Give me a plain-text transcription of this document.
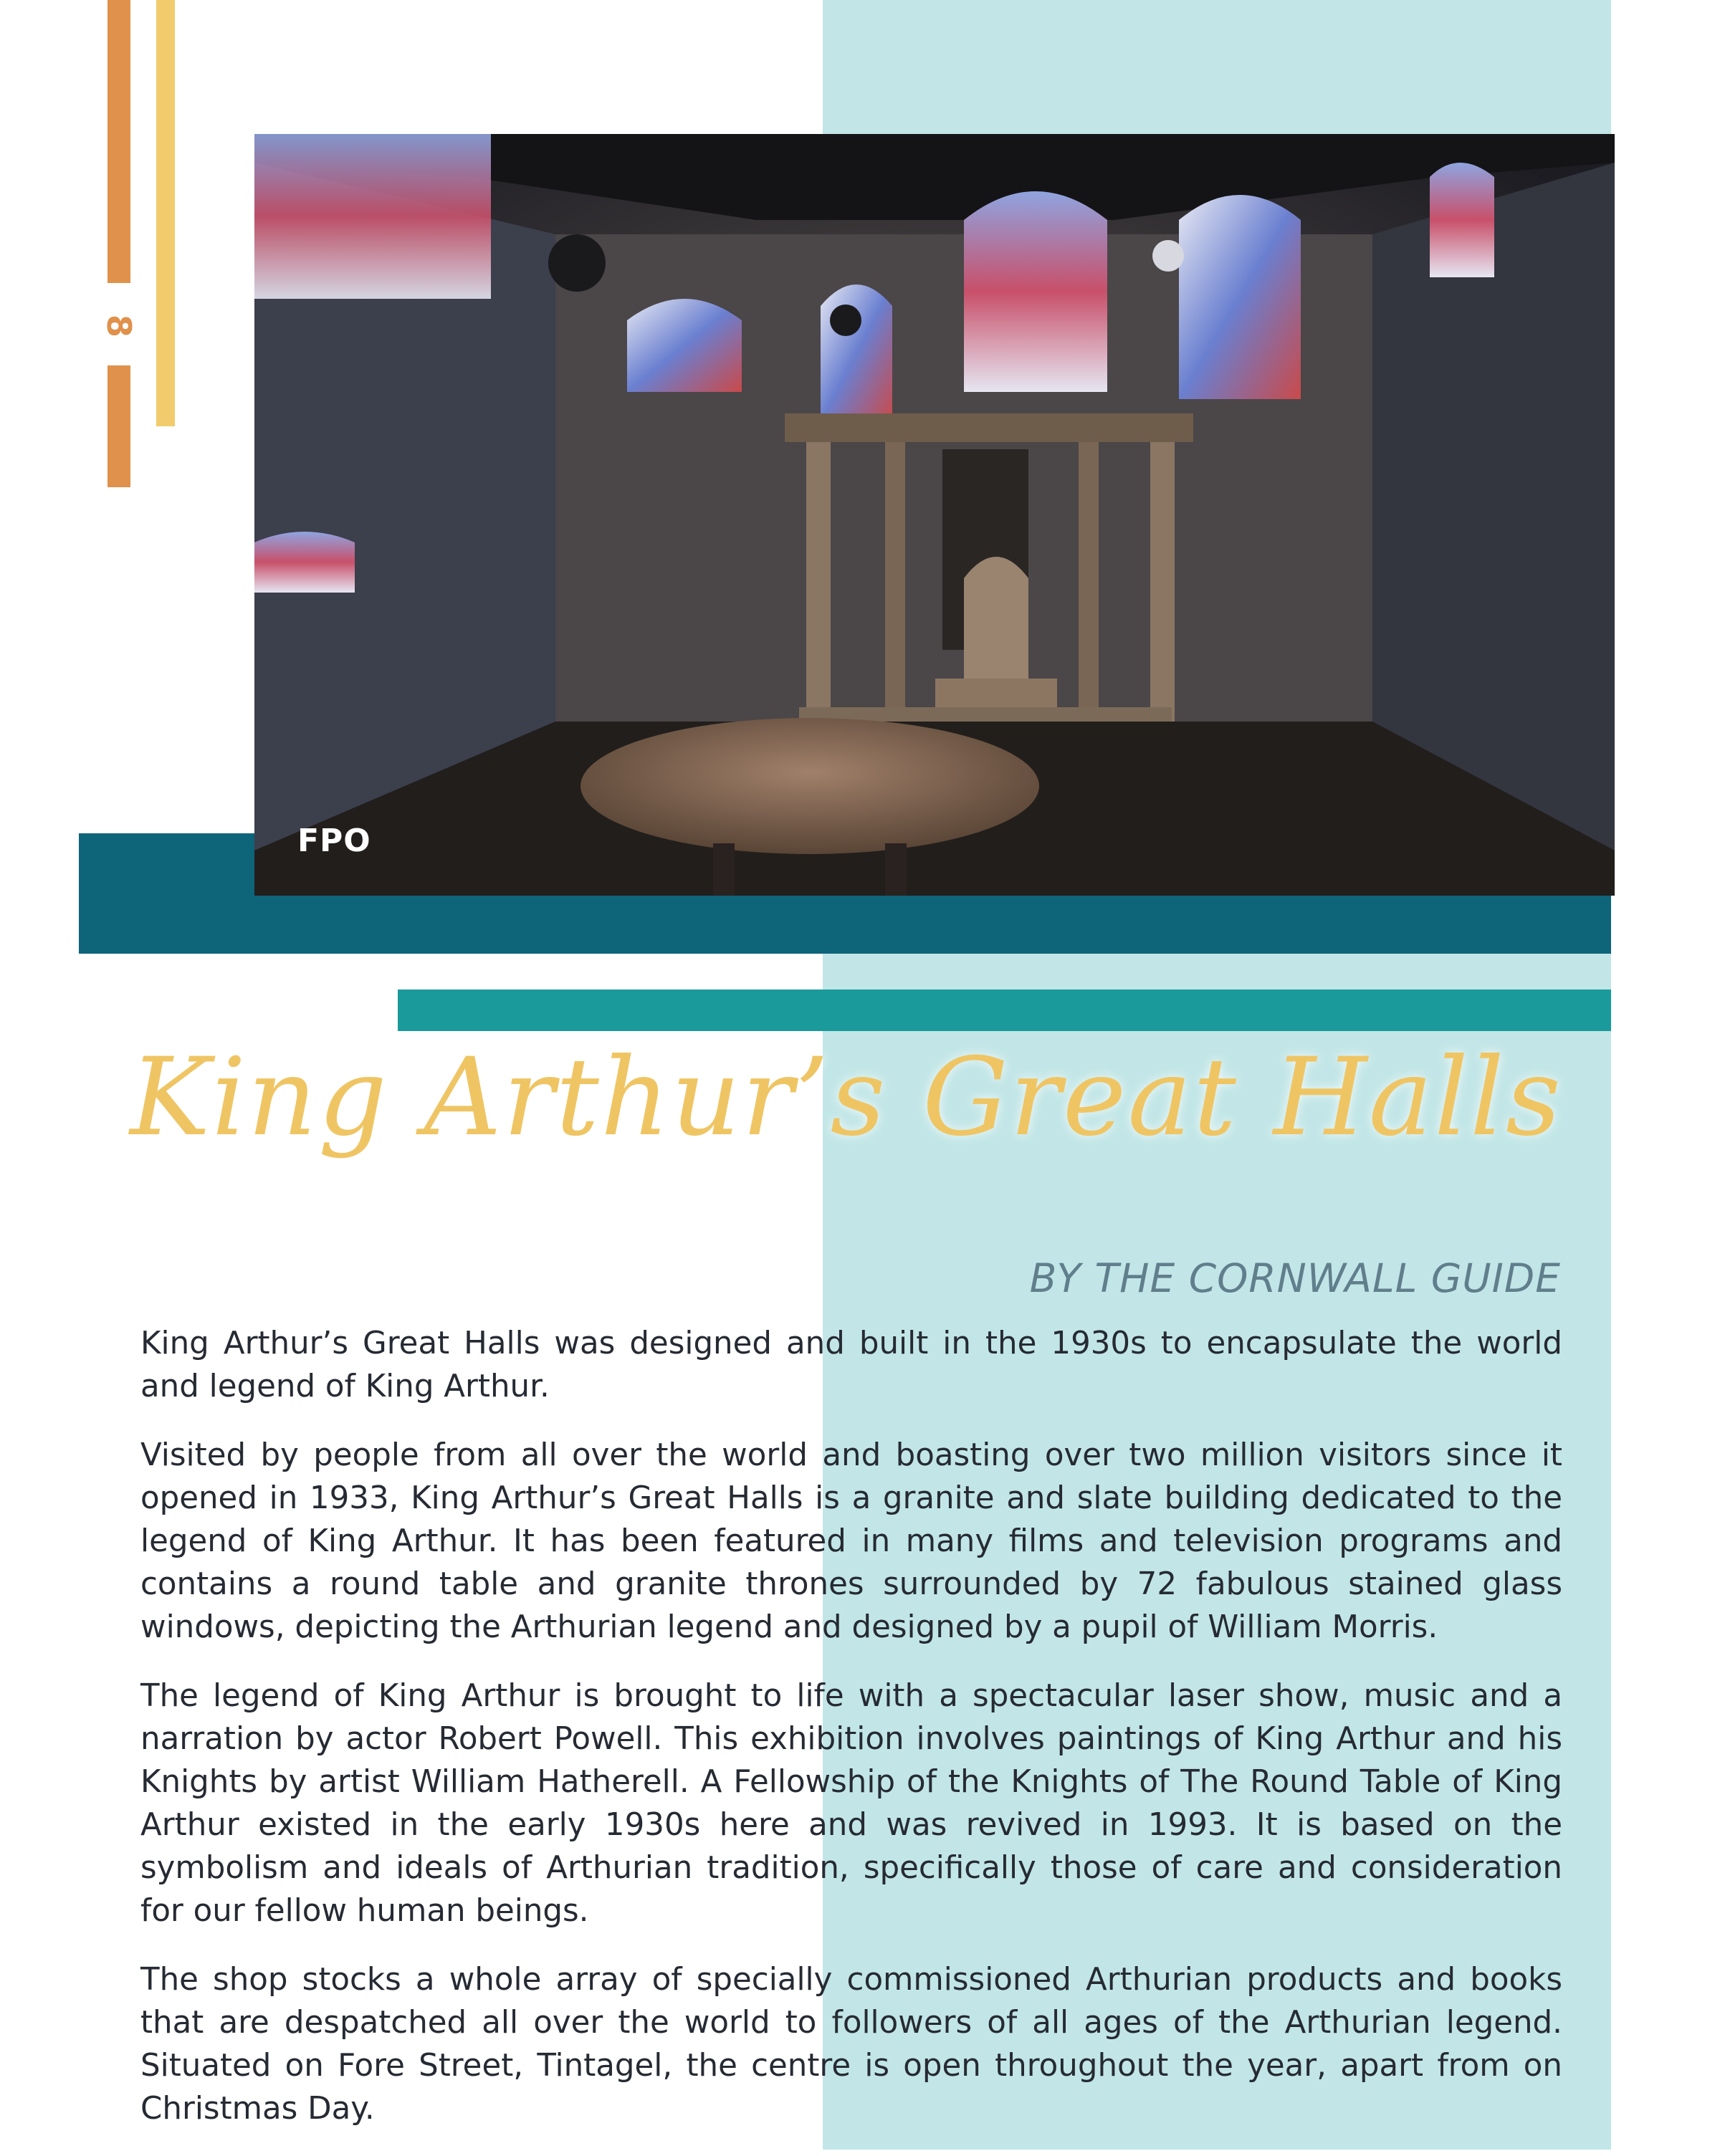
8
FPO
King Arthur’s Great Halls
BY THE CORNWALL GUIDE

King Arthur’s Great Halls was designed and built in the 1930s to encapsulate the world and legend of King Arthur.

Visited by people from all over the world and boasting over two million visitors since it opened in 1933, King Arthur’s Great Halls is a granite and slate building dedicated to the legend of King Arthur. It has been featured in many films and television programs and contains a round table and granite thrones surrounded by 72 fabulous stained glass windows, depicting the Arthurian legend and designed by a pupil of William Morris.

The legend of King Arthur is brought to life with a spectacular laser show, music and a narration by actor Robert Powell. This exhibition involves paintings of King Arthur and his Knights by artist William Hatherell. A Fellowship of the Knights of The Round Table of King Arthur existed in the early 1930s here and was revived in 1993. It is based on the symbolism and ideals of Arthurian tradition, specifically those of care and consideration for our fellow human beings.

The shop stocks a whole array of specially commissioned Arthurian products and books that are despatched all over the world to followers of all ages of the Arthurian legend. Situated on Fore Street, Tintagel, the centre is open throughout the year, apart from on Christmas Day.
